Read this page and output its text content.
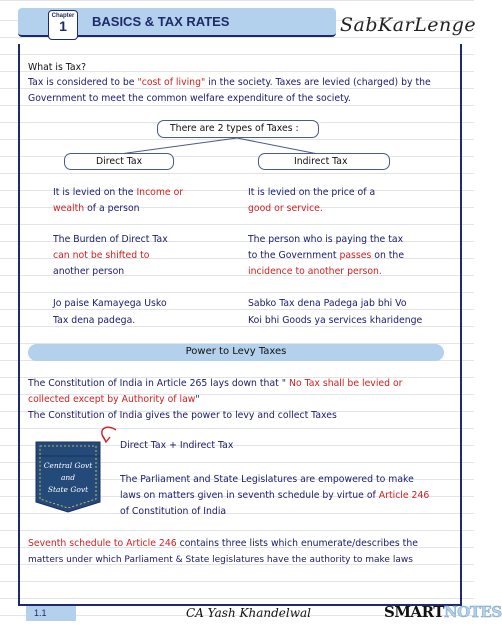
Chapter
1	BASICS & TAX RATES	SabKarLenge
What is Tax?
Tax is considered to be "cost of living" in the society. Taxes are levied (charged) by the
Government to meet the common welfare expenditure of the society.
There are 2 types of Taxes :
Direct Tax	Indirect Tax
It is levied on the Income or
wealth of a person
The Burden of Direct Tax
can not be shifted to
another person
Jo paise Kamayega Usko
Tax dena padega.
It is levied on the price of a
good or service.
The person who is paying the tax
to the Government passes on the
incidence to another person.
Sabko Tax dena Padega jab bhi Vo
Koi bhi Goods ya services kharidenge
Power to Levy Taxes
The Constitution of India in Article 265 lays down that " No Tax shall be levied or
collected except by Authority of law"
The Constitution of India gives the power to levy and collect Taxes
Central Govt
and
State Govt
Direct Tax + Indirect Tax
The Parliament and State Legislatures are empowered to make
laws on matters given in seventh schedule by virtue of Article 246
of Constitution of India
Seventh schedule to Article 246 contains three lists which enumerate/describes the
matters under which Parliament & State legislatures have the authority to make laws
1.1	CA Yash Khandelwal	SMARTNOTES
